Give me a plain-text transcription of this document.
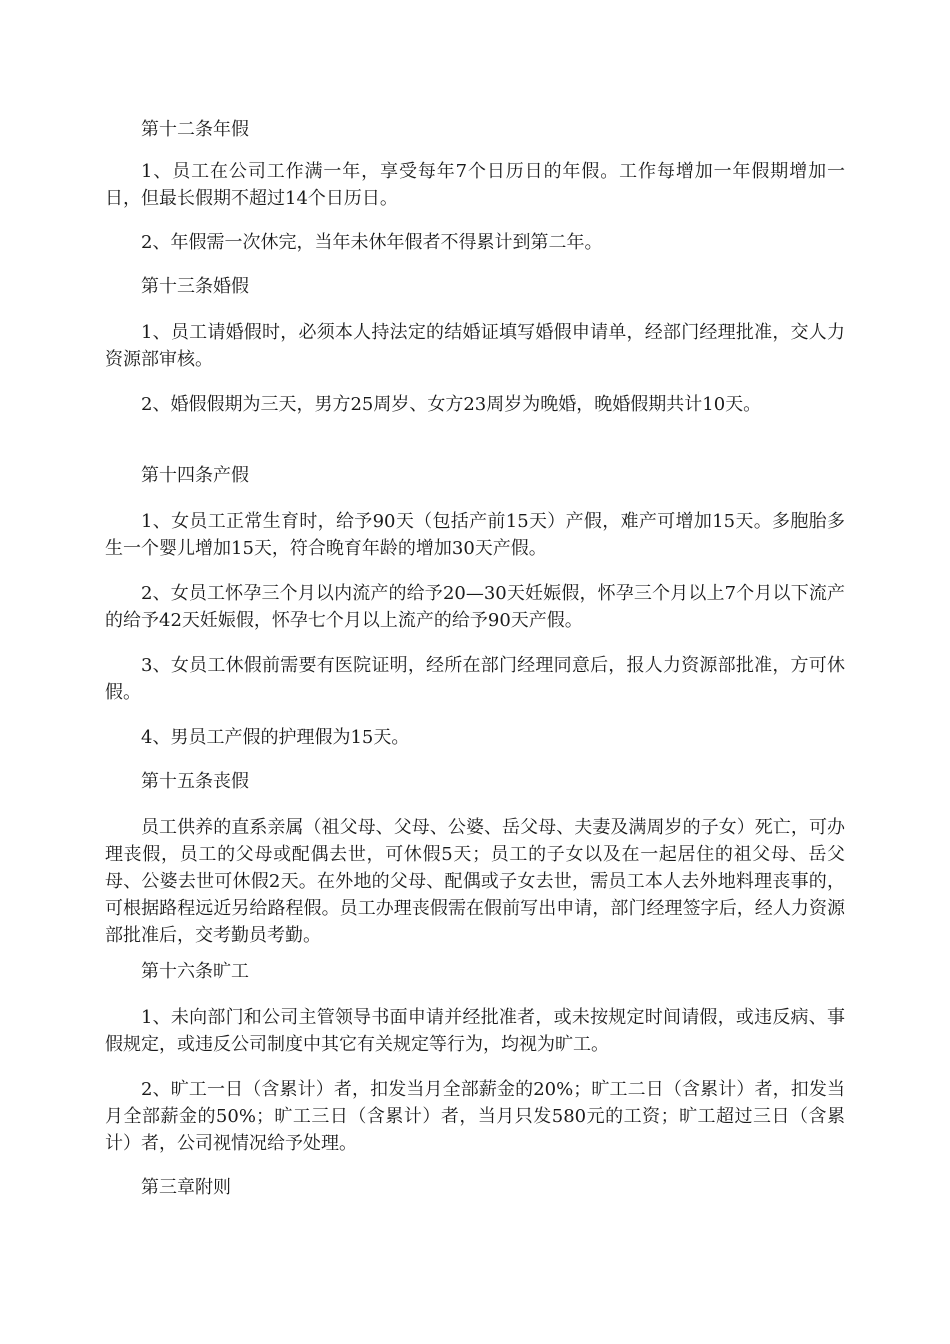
第十二条年假

1、员工在公司工作满一年，享受每年7个日历日的年假。工作每增加一年假期增加一日，但最长假期不超过14个日历日。

2、年假需一次休完，当年未休年假者不得累计到第二年。

第十三条婚假

1、员工请婚假时，必须本人持法定的结婚证填写婚假申请单，经部门经理批准，交人力资源部审核。

2、婚假假期为三天，男方25周岁、女方23周岁为晚婚，晚婚假期共计10天。

第十四条产假

1、女员工正常生育时，给予90天（包括产前15天）产假，难产可增加15天。多胞胎多生一个婴儿增加15天，符合晚育年龄的增加30天产假。

2、女员工怀孕三个月以内流产的给予20—30天妊娠假，怀孕三个月以上7个月以下流产的给予42天妊娠假，怀孕七个月以上流产的给予90天产假。

3、女员工休假前需要有医院证明，经所在部门经理同意后，报人力资源部批准，方可休假。

4、男员工产假的护理假为15天。

第十五条丧假

员工供养的直系亲属（祖父母、父母、公婆、岳父母、夫妻及满周岁的子女）死亡，可办理丧假，员工的父母或配偶去世，可休假5天；员工的子女以及在一起居住的祖父母、岳父母、公婆去世可休假2天。在外地的父母、配偶或子女去世，需员工本人去外地料理丧事的，可根据路程远近另给路程假。员工办理丧假需在假前写出申请，部门经理签字后，经人力资源部批准后，交考勤员考勤。

第十六条旷工

1、未向部门和公司主管领导书面申请并经批准者，或未按规定时间请假，或违反病、事假规定，或违反公司制度中其它有关规定等行为，均视为旷工。

2、旷工一日（含累计）者，扣发当月全部薪金的20%；旷工二日（含累计）者，扣发当月全部薪金的50%；旷工三日（含累计）者，当月只发580元的工资；旷工超过三日（含累计）者，公司视情况给予处理。

第三章附则
